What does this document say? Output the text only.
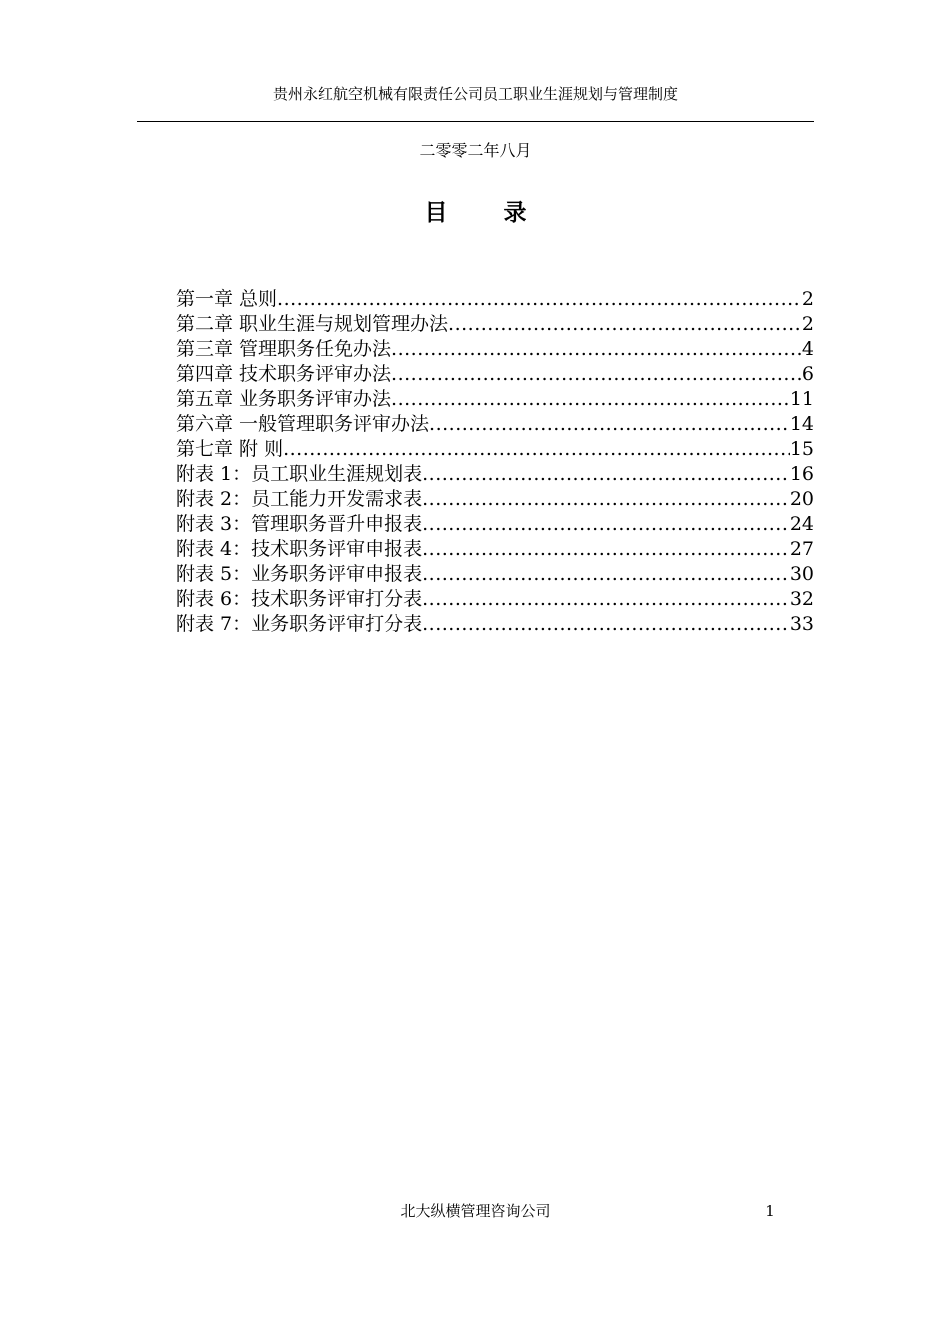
贵州永红航空机械有限责任公司员工职业生涯规划与管理制度
二零零二年八月
目 录
第一章 总则 .....	2
第二章 职业生涯与规划管理办法 .....	2
第三章 管理职务任免办法 .....	4
第四章 技术职务评审办法 .....	6
第五章 业务职务评审办法 .....	11
第六章 一般管理职务评审办法 .....	14
第七章 附 则 .....	15
附表 1：员工职业生涯规划表 .....	16
附表 2：员工能力开发需求表 .....	20
附表 3：管理职务晋升申报表 .....	24
附表 4：技术职务评审申报表 .....	27
附表 5：业务职务评审申报表 .....	30
附表 6：技术职务评审打分表 .....	32
附表 7：业务职务评审打分表 .....	33
北大纵横管理咨询公司	1
